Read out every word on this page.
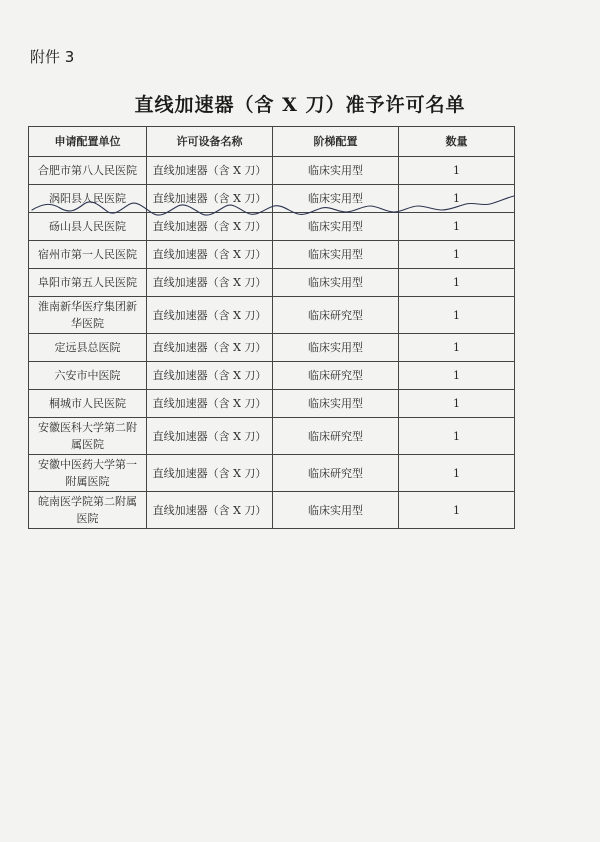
附件 3
直线加速器（含 X 刀）准予许可名单
申请配置单位	许可设备名称	阶梯配置	数量
合肥市第八人民医院	直线加速器（含 X 刀）	临床实用型	1
涡阳县人民医院	直线加速器（含 X 刀）	临床实用型	1
砀山县人民医院	直线加速器（含 X 刀）	临床实用型	1
宿州市第一人民医院	直线加速器（含 X 刀）	临床实用型	1
阜阳市第五人民医院	直线加速器（含 X 刀）	临床实用型	1
淮南新华医疗集团新华医院	直线加速器（含 X 刀）	临床研究型	1
定远县总医院	直线加速器（含 X 刀）	临床实用型	1
六安市中医院	直线加速器（含 X 刀）	临床研究型	1
桐城市人民医院	直线加速器（含 X 刀）	临床实用型	1
安徽医科大学第二附属医院	直线加速器（含 X 刀）	临床研究型	1
安徽中医药大学第一附属医院	直线加速器（含 X 刀）	临床研究型	1
皖南医学院第二附属医院	直线加速器（含 X 刀）	临床实用型	1
